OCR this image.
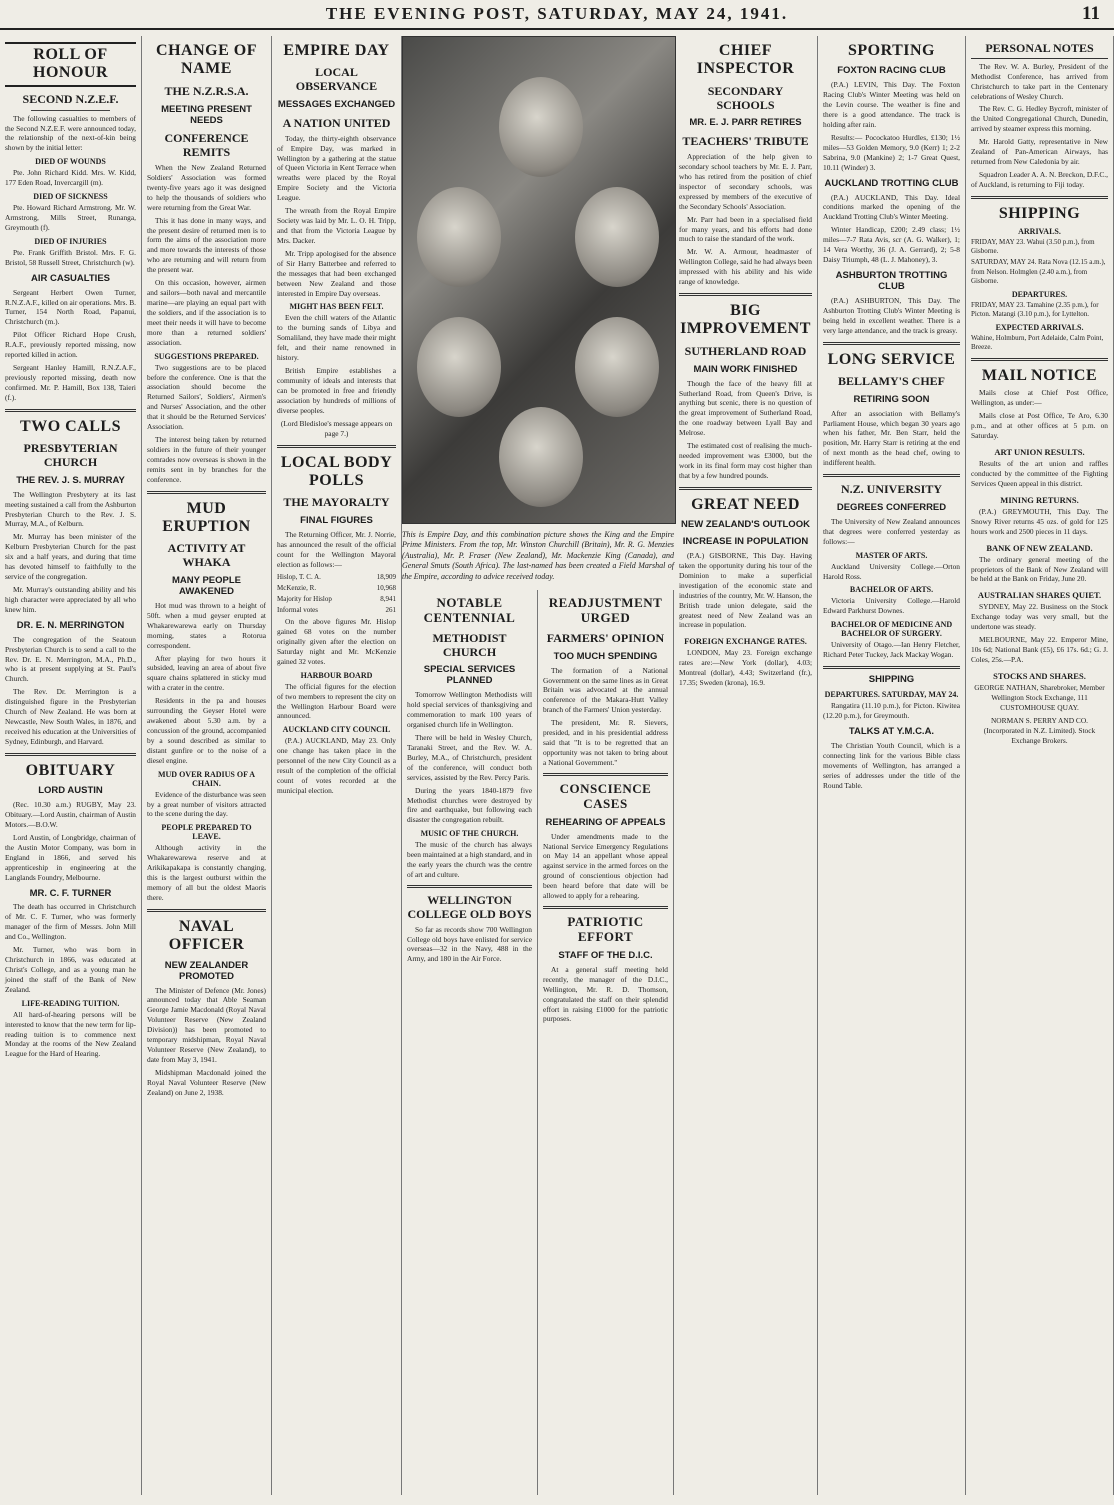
THE EVENING POST, SATURDAY, MAY 24, 1941.	11
ROLL OF HONOUR
SECOND N.Z.E.F.

The following casualties to members of the Second N.Z.E.F. were announced today, the relationship of the next-of-kin being shown by the initial letter:

DIED OF WOUNDS

Pte. John Richard Kidd. Mrs. W. Kidd, 177 Eden Road, Invercargill (m).

DIED OF SICKNESS

Pte. Howard Richard Armstrong. Mr. W. Armstrong, Mills Street, Runanga, Greymouth (f).

DIED OF INJURIES

Pte. Frank Griffith Bristol. Mrs. F. G. Bristol, 58 Russell Street, Christchurch (w).

AIR CASUALTIES

Sergeant Herbert Owen Turner, R.N.Z.A.F., killed on air operations. Mrs. B. Turner, 154 North Road, Papanui, Christchurch (m.).

Pilot Officer Richard Hope Crush, R.A.F., previously reported missing, now reported killed in action.

Sergeant Hanley Hamill, R.N.Z.A.F., previously reported missing, death now confirmed. Mr. P. Hamill, Box 138, Taieri (f.).

TWO CALLS
PRESBYTERIAN CHURCH
THE REV. J. S. MURRAY

The Wellington Presbytery at its last meeting sustained a call from the Ashburton Presbyterian Church to the Rev. J. S. Murray, M.A., of Kelburn.

Mr. Murray has been minister of the Kelburn Presbyterian Church for the past six and a half years, and during that time has devoted himself to faithfully to the service of the congregation.

Mr. Murray's outstanding ability and his high character were appreciated by all who knew him.

DR. E. N. MERRINGTON

The congregation of the Seatoun Presbyterian Church is to send a call to the Rev. Dr. E. N. Merrington, M.A., Ph.D., who is at present supplying at St. Paul's Church.

The Rev. Dr. Merrington is a distinguished figure in the Presbyterian Church of New Zealand. He was born at Newcastle, New South Wales, in 1876, and received his education at the Universities of Sydney, Edinburgh, and Harvard.

OBITUARY
LORD AUSTIN

(Rec. 10.30 a.m.) RUGBY, May 23. Obituary.—Lord Austin, chairman of Austin Motors.—B.O.W.

Lord Austin, of Longbridge, chairman of the Austin Motor Company, was born in England in 1866, and served his apprenticeship in engineering at the Langlands Foundry, Melbourne.

MR. C. F. TURNER

The death has occurred in Christchurch of Mr. C. F. Turner, who was formerly manager of the firm of Messrs. John Mill and Co., Wellington.

Mr. Turner, who was born in Christchurch in 1866, was educated at Christ's College, and as a young man he joined the staff of the Bank of New Zealand.

LIFE-READING TUITION.

All hard-of-hearing persons will be interested to know that the new term for lip-reading tuition is to commence next Monday at the rooms of the New Zealand League for the Hard of Hearing.

CHANGE OF NAME
THE N.Z.R.S.A.
MEETING PRESENT NEEDS
CONFERENCE REMITS

When the New Zealand Returned Soldiers' Association was formed twenty-five years ago it was designed to help the thousands of soldiers who were returning from the Great War.

This it has done in many ways, and the present desire of returned men is to form the aims of the association more and more towards the interests of those who are returning and will return from the present war.

On this occasion, however, airmen and sailors—both naval and mercantile marine—are playing an equal part with the soldiers, and if the association is to meet their needs it will have to become more than a returned soldiers' association.

SUGGESTIONS PREPARED.

Two suggestions are to be placed before the conference. One is that the association should become the Returned Sailors', Soldiers', Airmen's and Nurses' Association, and the other that it should be the Returned Services' Association.

The interest being taken by returned soldiers in the future of their younger comrades now overseas is shown in the remits sent in by branches for the conference.

MUD ERUPTION
ACTIVITY AT WHAKA
MANY PEOPLE AWAKENED

Hot mud was thrown to a height of 50ft. when a mud geyser erupted at Whakarewarewa early on Thursday morning, states a Rotorua correspondent.

After playing for two hours it subsided, leaving an area of about five square chains splattered in sticky mud with a crater in the centre.

Residents in the pa and houses surrounding the Geyser Hotel were awakened about 5.30 a.m. by a concussion of the ground, accompanied by a sound described as similar to distant gunfire or to the noise of a diesel engine.

MUD OVER RADIUS OF A CHAIN.

Evidence of the disturbance was seen by a great number of visitors attracted to the scene during the day.

PEOPLE PREPARED TO LEAVE.

Although activity in the Whakarewarewa reserve and at Arikikapakapa is constantly changing, this is the largest outburst within the memory of all but the oldest Maoris there.

NAVAL OFFICER
NEW ZEALANDER PROMOTED

The Minister of Defence (Mr. Jones) announced today that Able Seaman George Jamie Macdonald (Royal Naval Volunteer Reserve (New Zealand Division)) has been promoted to temporary midshipman, Royal Naval Volunteer Reserve (New Zealand), to date from May 3, 1941.

Midshipman Macdonald joined the Royal Naval Volunteer Reserve (New Zealand) on June 2, 1938.

EMPIRE DAY
LOCAL OBSERVANCE
MESSAGES EXCHANGED
A NATION UNITED

Today, the thirty-eighth observance of Empire Day, was marked in Wellington by a gathering at the statue of Queen Victoria in Kent Terrace when wreaths were placed by the Royal Empire Society and the Victoria League.

The wreath from the Royal Empire Society was laid by Mr. L. O. H. Tripp, and that from the Victoria League by Mrs. Dacker.

Mr. Tripp apologised for the absence of Sir Harry Batterbee and referred to the messages that had been exchanged between New Zealand and those interested in Empire Day overseas.

MIGHT HAS BEEN FELT.

Even the chill waters of the Atlantic to the burning sands of Libya and Somaliland, they have made their might felt, and their name renowned in history.

British Empire establishes a community of ideals and interests that can be promoted in free and friendly association by hundreds of millions of diverse peoples.

(Lord Bledisloe's message appears on page 7.)

LOCAL BODY POLLS
THE MAYORALTY
FINAL FIGURES

The Returning Officer, Mr. J. Norrie, has announced the result of the official count for the Wellington Mayoral election as follows:—

Hislop, T. C. A.	18,909
McKenzie, R.	10,968
Majority for Hislop	8,941
Informal votes	261

On the above figures Mr. Hislop gained 68 votes on the number originally given after the election on Saturday night and Mr. McKenzie gained 32 votes.

HARBOUR BOARD

The official figures for the election of two members to represent the city on the Wellington Harbour Board were announced.

AUCKLAND CITY COUNCIL

(P.A.) AUCKLAND, May 23. Only one change has taken place in the personnel of the new City Council as a result of the completion of the official count of votes recorded at the municipal election.

This is Empire Day, and this combination picture shows the King and the Empire Prime Ministers. From the top, Mr. Winston Churchill (Britain), Mr. R. G. Menzies (Australia), Mr. P. Fraser (New Zealand), Mr. Mackenzie King (Canada), and General Smuts (South Africa). The last-named has been created a Field Marshal of the Empire, according to advice received today.
NOTABLE CENTENNIAL
METHODIST CHURCH
SPECIAL SERVICES PLANNED

Tomorrow Wellington Methodists will hold special services of thanksgiving and commemoration to mark 100 years of organised church life in Wellington.

There will be held in Wesley Church, Taranaki Street, and the Rev. W. A. Burley, M.A., of Christchurch, president of the conference, will conduct both services, assisted by the Rev. Percy Paris.

During the years 1840-1879 five Methodist churches were destroyed by fire and earthquake, but following each disaster the congregation rebuilt.

MUSIC OF THE CHURCH.

The music of the church has always been maintained at a high standard, and in the early years the church was the centre of art and culture.

WELLINGTON COLLEGE OLD BOYS

So far as records show 700 Wellington College old boys have enlisted for service overseas—32 in the Navy, 488 in the Army, and 180 in the Air Force.

READJUSTMENT URGED
FARMERS' OPINION
TOO MUCH SPENDING

The formation of a National Government on the same lines as in Great Britain was advocated at the annual conference of the Makara-Hutt Valley branch of the Farmers' Union yesterday.

The president, Mr. R. Sievers, presided, and in his presidential address said that "It is to be regretted that an opportunity was not taken to bring about a National Government."

CONSCIENCE CASES
REHEARING OF APPEALS

Under amendments made to the National Service Emergency Regulations on May 14 an appellant whose appeal against service in the armed forces on the ground of conscientious objection had been heard before that date will be allowed to apply for a rehearing.

PATRIOTIC EFFORT
STAFF OF THE D.I.C.

At a general staff meeting held recently, the manager of the D.I.C., Wellington, Mr. R. D. Thomson, congratulated the staff on their splendid effort in raising £1000 for the patriotic purposes.

CHIEF INSPECTOR
SECONDARY SCHOOLS
MR. E. J. PARR RETIRES
TEACHERS' TRIBUTE

Appreciation of the help given to secondary school teachers by Mr. E. J. Parr, who has retired from the position of chief inspector of secondary schools, was expressed by members of the executive of the Secondary Schools' Association.

Mr. Parr had been in a specialised field for many years, and his efforts had done much to raise the standard of the work.

Mr. W. A. Armour, headmaster of Wellington College, said he had always been impressed with his ability and his wide range of knowledge.

BIG IMPROVEMENT
SUTHERLAND ROAD
MAIN WORK FINISHED

Though the face of the heavy fill at Sutherland Road, from Queen's Drive, is anything but scenic, there is no question of the great improvement of Sutherland Road, the one roadway between Lyall Bay and Melrose.

The estimated cost of realising the much-needed improvement was £3000, but the work in its final form may cost higher than that by a few hundred pounds.

GREAT NEED
NEW ZEALAND'S OUTLOOK
INCREASE IN POPULATION

(P.A.) GISBORNE, This Day. Having taken the opportunity during his tour of the Dominion to make a superficial investigation of the economic state and industries of the country, Mr. W. Hanson, the British trade union delegate, said the greatest need of New Zealand was an increase in population.

FOREIGN EXCHANGE RATES.

LONDON, May 23. Foreign exchange rates are:—New York (dollar), 4.03; Montreal (dollar), 4.43; Switzerland (fr.), 17.35; Sweden (krona), 16.9.

SPORTING
FOXTON RACING CLUB

(P.A.) LEVIN, This Day. The Foxton Racing Club's Winter Meeting was held on the Levin course. The weather is fine and there is a good attendance. The track is holding after rain.

Results:— Pocockatoo Hurdles, £130; 1½ miles—53 Golden Memory, 9.0 (Kerr) 1; 2-2 Sabrina, 9.0 (Mankine) 2; 1-7 Great Quest, 10.11 (Winder) 3.

AUCKLAND TROTTING CLUB

(P.A.) AUCKLAND, This Day. Ideal conditions marked the opening of the Auckland Trotting Club's Winter Meeting.

Winter Handicap, £200; 2.49 class; 1½ miles—7-7 Rata Avis, scr (A. G. Walker), 1; 14 Vera Worthy, 36 (J. A. Gerrard), 2; 5-8 Daisy Triumph, 48 (L. J. Mahoney), 3.

ASHBURTON TROTTING CLUB

(P.A.) ASHBURTON, This Day. The Ashburton Trotting Club's Winter Meeting is being held in excellent weather. There is a very large attendance, and the track is greasy.

LONG SERVICE
BELLAMY'S CHEF
RETIRING SOON

After an association with Bellamy's Parliament House, which began 30 years ago when his father, Mr. Ben Starr, held the position, Mr. Harry Starr is retiring at the end of next month as the head chef, owing to indifferent health.

N.Z. UNIVERSITY
DEGREES CONFERRED

The University of New Zealand announces that degrees were conferred yesterday as follows:—

MASTER OF ARTS.

Auckland University College.—Orton Harold Ross.

BACHELOR OF ARTS.

Victoria University College.—Harold Edward Parkhurst Downes.

BACHELOR OF MEDICINE AND BACHELOR OF SURGERY.

University of Otago.—Ian Henry Fletcher, Richard Peter Tuckey, Jack Mackay Wogan.

SHIPPING
DEPARTURES. SATURDAY, MAY 24.

Rangatira (11.10 p.m.), for Picton. Kiwitea (12.20 p.m.), for Greymouth.

TALKS AT Y.M.C.A.

The Christian Youth Council, which is a connecting link for the various Bible class movements of Wellington, has arranged a series of addresses under the title of the Round Table.

PERSONAL NOTES

The Rev. W. A. Burley, President of the Methodist Conference, has arrived from Christchurch to take part in the Centenary celebrations of Wesley Church.

The Rev. C. G. Hedley Bycroft, minister of the United Congregational Church, Dunedin, arrived by steamer express this morning.

Mr. Harold Gatty, representative in New Zealand of Pan-American Airways, has returned from New Caledonia by air.

Squadron Leader A. A. N. Breckon, D.F.C., of Auckland, is returning to Fiji today.

SHIPPING
ARRIVALS.

FRIDAY, MAY 23. Wahui (3.50 p.m.), from Gisborne.

SATURDAY, MAY 24. Rata Nova (12.15 a.m.), from Nelson. Holmglen (2.40 a.m.), from Gisborne.

DEPARTURES.

FRIDAY, MAY 23. Tamahine (2.35 p.m.), for Picton. Matangi (3.10 p.m.), for Lyttelton.

EXPECTED ARRIVALS.

Wahine, Holmburn, Port Adelaide, Calm Point, Breeze.

MAIL NOTICE

Mails close at Chief Post Office, Wellington, as under:—

Mails close at Post Office, Te Aro, 6.30 p.m., and at other offices at 5 p.m. on Saturday.

ART UNION RESULTS.

Results of the art union and raffles conducted by the committee of the Fighting Services Queen appeal in this district.

MINING RETURNS.

(P.A.) GREYMOUTH, This Day. The Snowy River returns 45 ozs. of gold for 125 hours work and 2500 pieces in 11 days.

BANK OF NEW ZEALAND.

The ordinary general meeting of the proprietors of the Bank of New Zealand will be held at the Bank on Friday, June 20.

AUSTRALIAN SHARES QUIET.

SYDNEY, May 22. Business on the Stock Exchange today was very small, but the undertone was steady.

MELBOURNE, May 22. Emperor Mine, 10s 6d; National Bank (£5), £6 17s. 6d.; G. J. Coles, 25s.—P.A.

STOCKS AND SHARES.

GEORGE NATHAN, Sharebroker, Member Wellington Stock Exchange, 111 CUSTOMHOUSE QUAY.

NORMAN S. PERRY AND CO. (Incorporated in N.Z. Limited). Stock Exchange Brokers.
